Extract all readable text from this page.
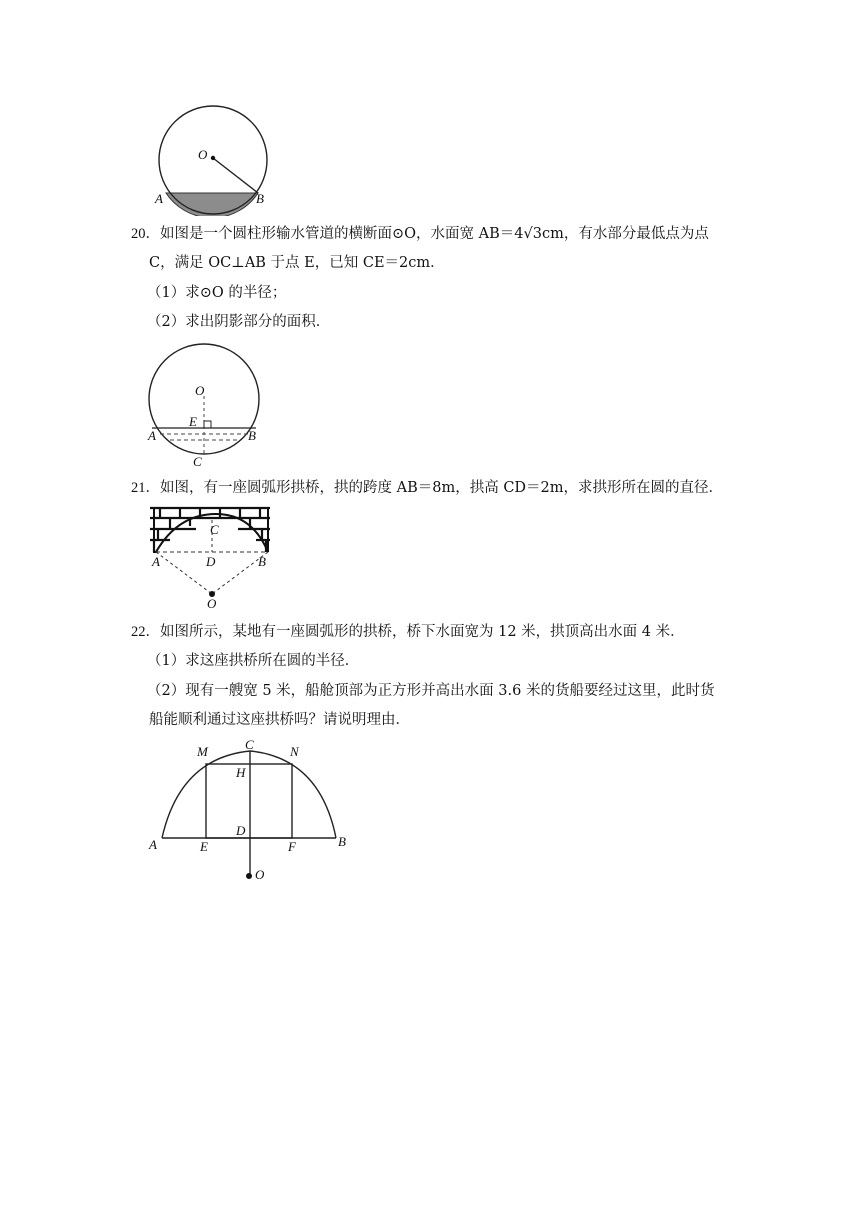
O
A	B
20．如图是一个圆柱形输水管道的横断面⊙O，水面宽 AB＝4√3cm，有水部分最低点为点
C，满足 OC⊥AB 于点 E，已知 CE＝2cm．
（1）求⊙O 的半径；
（2）求出阴影部分的面积．
O
E
A	B
C
21．如图，有一座圆弧形拱桥，拱的跨度 AB＝8m，拱高 CD＝2m，求拱形所在圆的直径．
C
A	D	B
O
22．如图所示，某地有一座圆弧形的拱桥，桥下水面宽为 12 米，拱顶高出水面 4 米．
（1）求这座拱桥所在圆的半径．
（2）现有一艘宽 5 米，船舱顶部为正方形并高出水面 3.6 米的货船要经过这里，此时货
船能顺利通过这座拱桥吗？请说明理由．
M	C	N
H
D
A	E	F	B
O
